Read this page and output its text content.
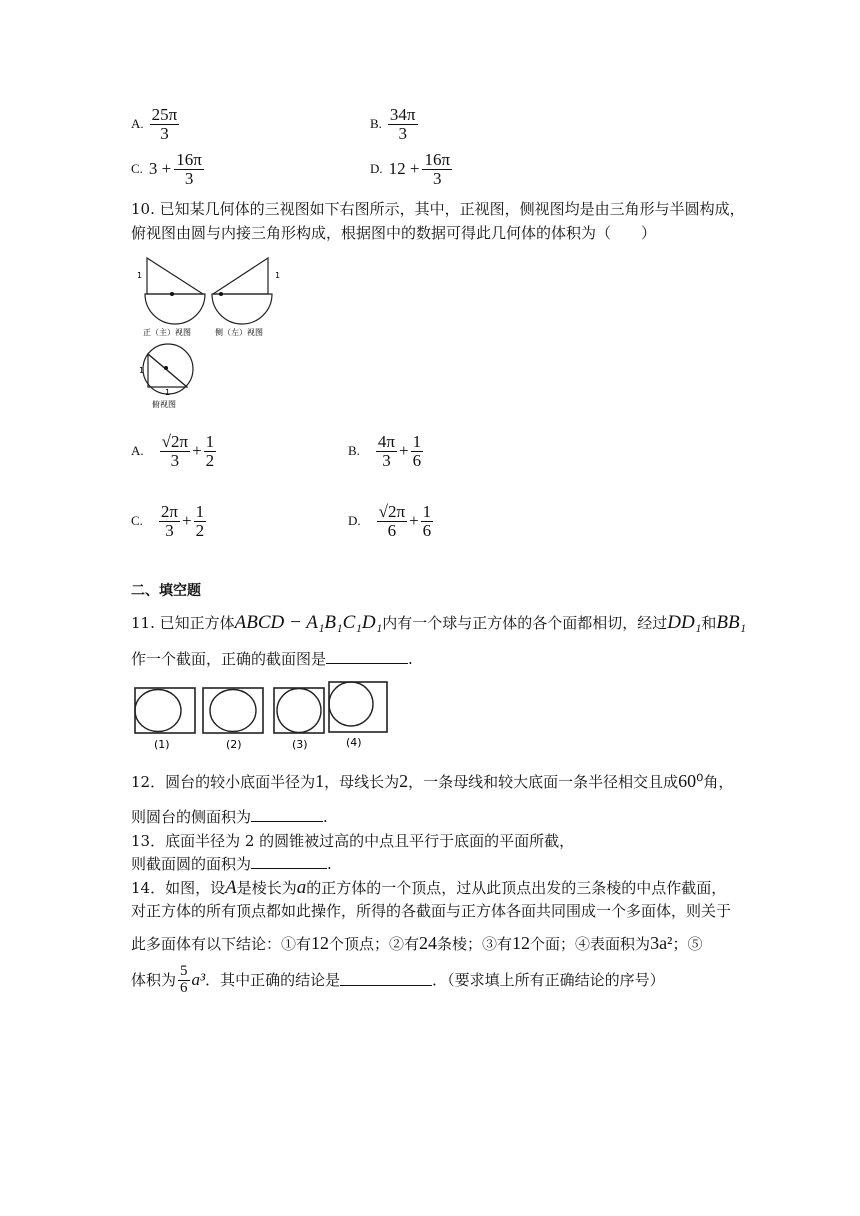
A. $\frac{25\pi}{3}$	B. $\frac{34\pi}{3}$
C. $3 + \frac{16\pi}{3}$	D. $12 + \frac{16\pi}{3}$
10. 已知某几何体的三视图如下右图所示，其中，正视图，侧视图均是由三角形与半圆构成，
俯视图由圆与内接三角形构成，根据图中的数据可得此几何体的体积为（　　）
1
正（主）视图
1
侧（左）视图
1
1
俯视图
A. $\frac{√2\pi}{3} + \frac{1}{2}$	B. $\frac{4\pi}{3} + \frac{1}{6}$
C. $\frac{2\pi}{3} + \frac{1}{2}$	D. $\frac{√2\pi}{6} + \frac{1}{6}$
二、填空题
11. 已知正方体ABCD − A₁B₁C₁D₁内有一个球与正方体的各个面都相切，经过DD₁和BB₁
作一个截面，正确的截面图是	.
(1)	(2)	(3)	(4)
12．圆台的较小底面半径为1，母线长为2，一条母线和较大底面一条半径相交且成60⁰角，
则圆台的侧面积为	.
13．底面半径为 2 的圆锥被过高的中点且平行于底面的平面所截，
则截面圆的面积为	.
14．如图，设A是棱长为a的正方体的一个顶点，过从此顶点出发的三条棱的中点作截面，
对正方体的所有顶点都如此操作，所得的各截面与正方体各面共同围成一个多面体，则关于
此多面体有以下结论：①有12个顶点；②有24条棱；③有12个面；④表面积为3a²；⑤
体积为 $\frac{5}{6} a^3$ ．其中正确的结论是	．（要求填上所有正确结论的序号）
